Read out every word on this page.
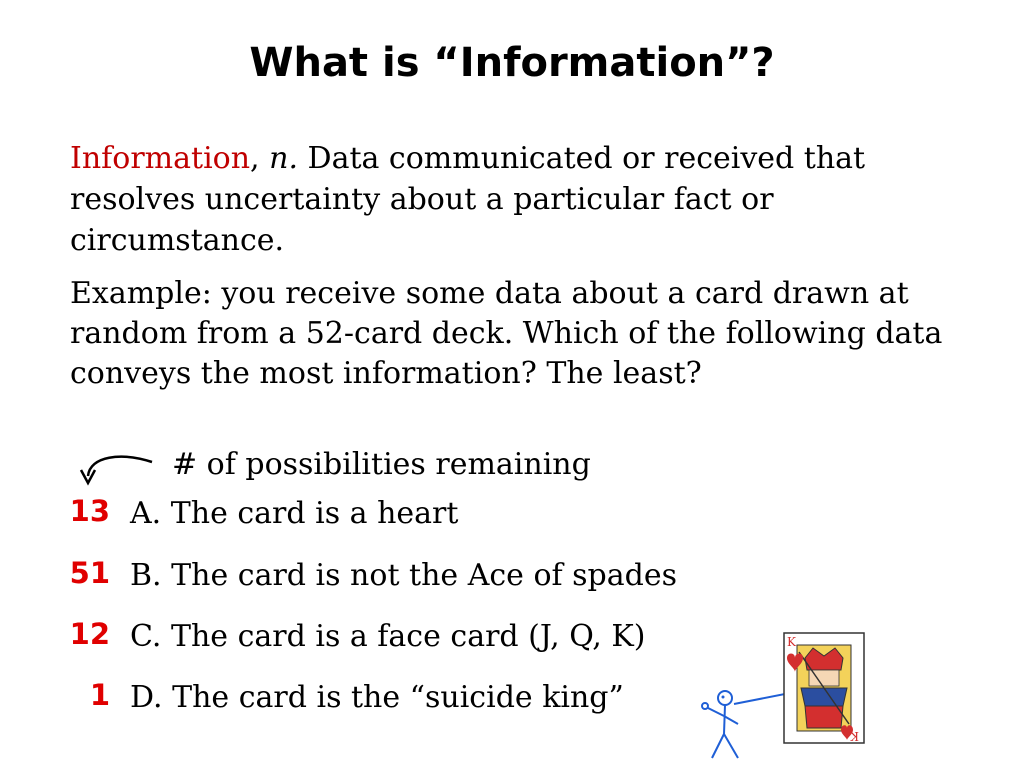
What is “Information”?
Information, n. Data communicated or received that resolves uncertainty about a particular fact or circumstance.
Example: you receive some data about a card drawn at random from a 52-card deck. Which of the following data conveys the most information? The least?
# of possibilities remaining
13 A. The card is a heart
51 B. The card is not the Ace of spades
12 C. The card is a face card (J, Q, K)
1 D. The card is the “suicide king”
K
K
